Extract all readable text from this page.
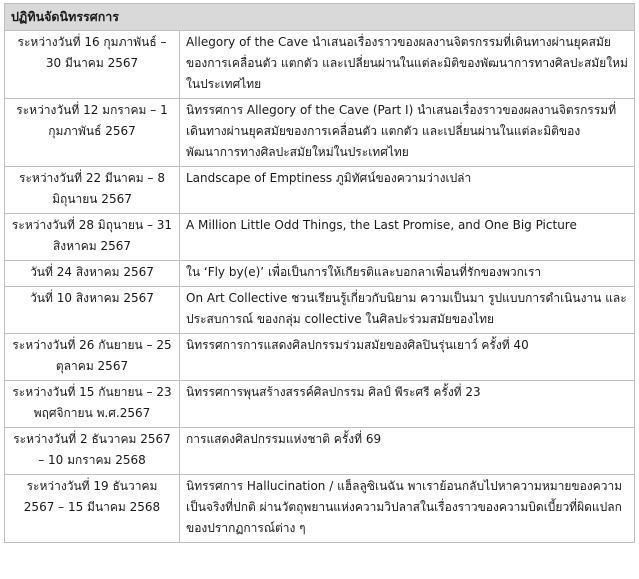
ปฏิทินจัดนิทรรศการ	
ระหว่างวันที่ 16 กุมภาพันธ์ – 30 มีนาคม 2567	Allegory of the Cave นำเสนอเรื่องราวของผลงานจิตรกรรมที่เดินทางผ่านยุคสมัยของการเคลื่อนตัว แตกตัว และเปลี่ยนผ่านในแต่ละมิติของพัฒนาการทางศิลปะสมัยใหม่ในประเทศไทย
ระหว่างวันที่ 12 มกราคม – 1 กุมภาพันธ์ 2567	นิทรรศการ Allegory of the Cave (Part I) นำเสนอเรื่องราวของผลงานจิตรกรรมที่เดินทางผ่านยุคสมัยของการเคลื่อนตัว แตกตัว และเปลี่ยนผ่านในแต่ละมิติของพัฒนาการทางศิลปะสมัยใหม่ในประเทศไทย
ระหว่างวันที่ 22 มีนาคม – 8 มิถุนายน 2567	Landscape of Emptiness ภูมิทัศน์ของความว่างเปล่า
ระหว่างวันที่ 28 มิถุนายน – 31 สิงหาคม 2567	A Million Little Odd Things, the Last Promise, and One Big Picture
วันที่ 24 สิงหาคม 2567	ใน ‘Fly by(e)’ เพื่อเป็นการให้เกียรติและบอกลาเพื่อนที่รักของพวกเรา
วันที่ 10 สิงหาคม 2567	On Art Collective ชวนเรียนรู้เกี่ยวกับนิยาม ความเป็นมา รูปแบบการดำเนินงาน และประสบการณ์ ของกลุ่ม collective ในศิลปะร่วมสมัยของไทย
ระหว่างวันที่ 26 กันยายน – 25 ตุลาคม 2567	นิทรรศการการแสดงศิลปกรรมร่วมสมัยของศิลปินรุ่นเยาว์ ครั้งที่ 40
ระหว่างวันที่ 15 กันยายน – 23 พฤศจิกายน พ.ศ.2567	นิทรรศการพุนสร้างสรรค์ศิลปกรรม ศิลป์ พีระศรี ครั้งที่ 23
ระหว่างวันที่ 2 ธันวาคม 2567 – 10 มกราคม 2568	การแสดงศิลปกรรมแห่งชาติ ครั้งที่ 69
ระหว่างวันที่ 19 ธันวาคม 2567 – 15 มีนาคม 2568	นิทรรศการ Hallucination / แฮ็ลลูซิเนฉัน พาเราย้อนกลับไปหาความหมายของความเป็นจริงที่ปกติ ผ่านวัตถุพยานแห่งความวิปลาสในเรื่องราวของความบิดเบี้ยวที่ผิดแปลกของปรากฏการณ์ต่าง ๆ
